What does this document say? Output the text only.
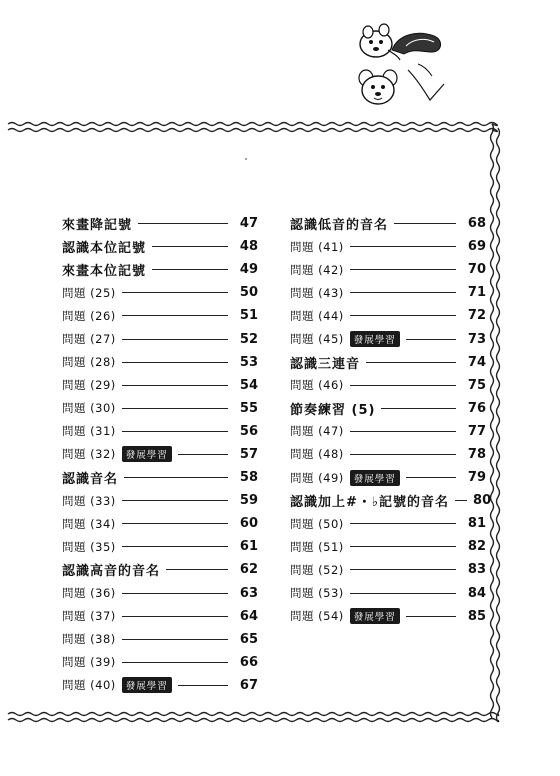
來畫降記號	47
認識本位記號	48
來畫本位記號	49
問題 (25)	50
問題 (26)	51
問題 (27)	52
問題 (28)	53
問題 (29)	54
問題 (30)	55
問題 (31)	56
問題 (32)	發展學習	57
認識音名	58
問題 (33)	59
問題 (34)	60
問題 (35)	61
認識高音的音名	62
問題 (36)	63
問題 (37)	64
問題 (38)	65
問題 (39)	66
問題 (40)	發展學習	67
認識低音的音名	68
問題 (41)	69
問題 (42)	70
問題 (43)	71
問題 (44)	72
問題 (45)	發展學習	73
認識三連音	74
問題 (46)	75
節奏練習 (5)	76
問題 (47)	77
問題 (48)	78
問題 (49)	發展學習	79
認識加上#・♭記號的音名 80
問題 (50)	81
問題 (51)	82
問題 (52)	83
問題 (53)	84
問題 (54)	發展學習	85
